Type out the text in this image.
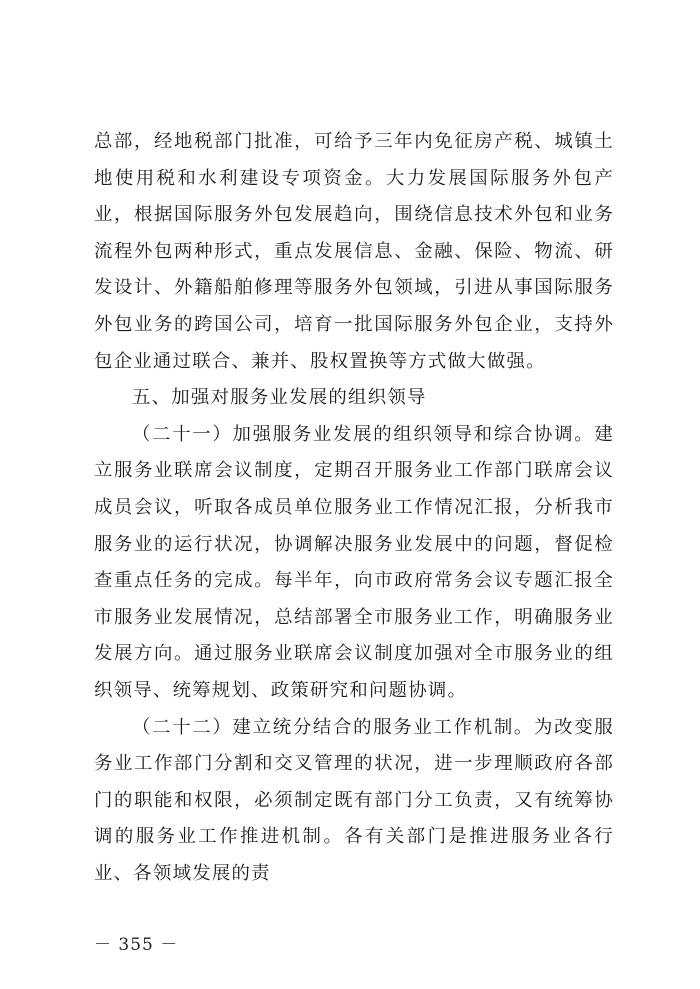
总部，经地税部门批准，可给予三年内免征房产税、城镇土地使用税和水利建设专项资金。大力发展国际服务外包产业，根据国际服务外包发展趋向，围绕信息技术外包和业务流程外包两种形式，重点发展信息、金融、保险、物流、研发设计、外籍船舶修理等服务外包领域，引进从事国际服务外包业务的跨国公司，培育一批国际服务外包企业，支持外包企业通过联合、兼并、股权置换等方式做大做强。

五、加强对服务业发展的组织领导

（二十一）加强服务业发展的组织领导和综合协调。建立服务业联席会议制度，定期召开服务业工作部门联席会议成员会议，听取各成员单位服务业工作情况汇报，分析我市服务业的运行状况，协调解决服务业发展中的问题，督促检查重点任务的完成。每半年，向市政府常务会议专题汇报全市服务业发展情况，总结部署全市服务业工作，明确服务业发展方向。通过服务业联席会议制度加强对全市服务业的组织领导、统筹规划、政策研究和问题协调。

（二十二）建立统分结合的服务业工作机制。为改变服务业工作部门分割和交叉管理的状况，进一步理顺政府各部门的职能和权限，必须制定既有部门分工负责，又有统筹协调的服务业工作推进机制。各有关部门是推进服务业各行业、各领域发展的责

－ 355 －
